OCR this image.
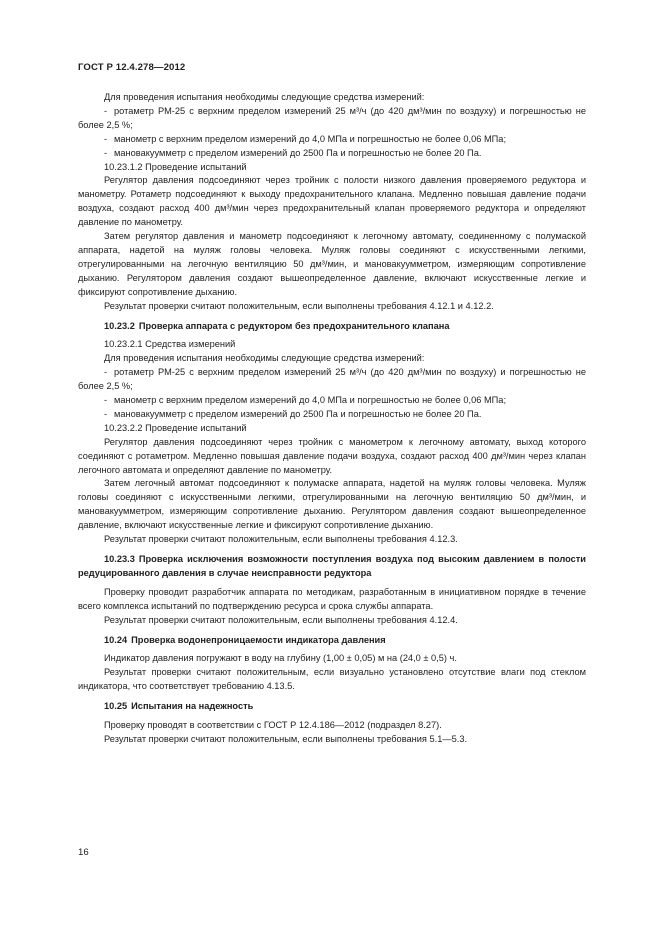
ГОСТ Р 12.4.278—2012

Для проведения испытания необходимы следующие средства измерений:

- ротаметр РМ-25 с верхним пределом измерений 25 м³/ч (до 420 дм³/мин по воздуху) и погрешностью не более 2,5 %;

- манометр с верхним пределом измерений до 4,0 МПа и погрешностью не более 0,06 МПа;

- мановакуумметр с пределом измерений до 2500 Па и погрешностью не более 20 Па.

10.23.1.2 Проведение испытаний

Регулятор давления подсоединяют через тройник с полости низкого давления проверяемого редуктора и манометру. Ротаметр подсоединяют к выходу предохранительного клапана. Медленно повышая давление подачи воздуха, создают расход 400 дм³/мин через предохранительный клапан проверяемого редуктора и определяют давление по манометру.

Затем регулятор давления и манометр подсоединяют к легочному автомату, соединенному с полумаской аппарата, надетой на муляж головы человека. Муляж головы соединяют с искусственными легкими, отрегулированными на легочную вентиляцию 50 дм³/мин, и мановакуумметром, измеряющим сопротивление дыханию. Регулятором давления создают вышеопределенное давление, включают искусственные легкие и фиксируют сопротивление дыханию.

Результат проверки считают положительным, если выполнены требования 4.12.1 и 4.12.2.

10.23.2 Проверка аппарата с редуктором без предохранительного клапана

10.23.2.1 Средства измерений

Для проведения испытания необходимы следующие средства измерений:

- ротаметр РМ-25 с верхним пределом измерений 25 м³/ч (до 420 дм³/мин по воздуху) и погрешностью не более 2,5 %;

- манометр с верхним пределом измерений до 4,0 МПа и погрешностью не более 0,06 МПа;

- мановакуумметр с пределом измерений до 2500 Па и погрешностью не более 20 Па.

10.23.2.2 Проведение испытаний

Регулятор давления подсоединяют через тройник с манометром к легочному автомату, выход которого соединяют с ротаметром. Медленно повышая давление подачи воздуха, создают расход 400 дм³/мин через клапан легочного автомата и определяют давление по манометру.

Затем легочный автомат подсоединяют к полумаске аппарата, надетой на муляж головы человека. Муляж головы соединяют с искусственными легкими, отрегулированными на легочную вентиляцию 50 дм³/мин, и мановакуумметром, измеряющим сопротивление дыханию. Регулятором давления создают вышеопределенное давление, включают искусственные легкие и фиксируют сопротивление дыханию.

Результат проверки считают положительным, если выполнены требования 4.12.3.

10.23.3 Проверка исключения возможности поступления воздуха под высоким давлением в полости редуцированного давления в случае неисправности редуктора

Проверку проводит разработчик аппарата по методикам, разработанным в инициативном порядке в течение всего комплекса испытаний по подтверждению ресурса и срока службы аппарата.

Результат проверки считают положительным, если выполнены требования 4.12.4.

10.24 Проверка водонепроницаемости индикатора давления

Индикатор давления погружают в воду на глубину (1,00 ± 0,05) м на (24,0 ± 0,5) ч.

Результат проверки считают положительным, если визуально установлено отсутствие влаги под стеклом индикатора, что соответствует требованию 4.13.5.

10.25 Испытания на надежность

Проверку проводят в соответствии с ГОСТ Р 12.4.186—2012 (подраздел 8.27).

Результат проверки считают положительным, если выполнены требования 5.1—5.3.

16
